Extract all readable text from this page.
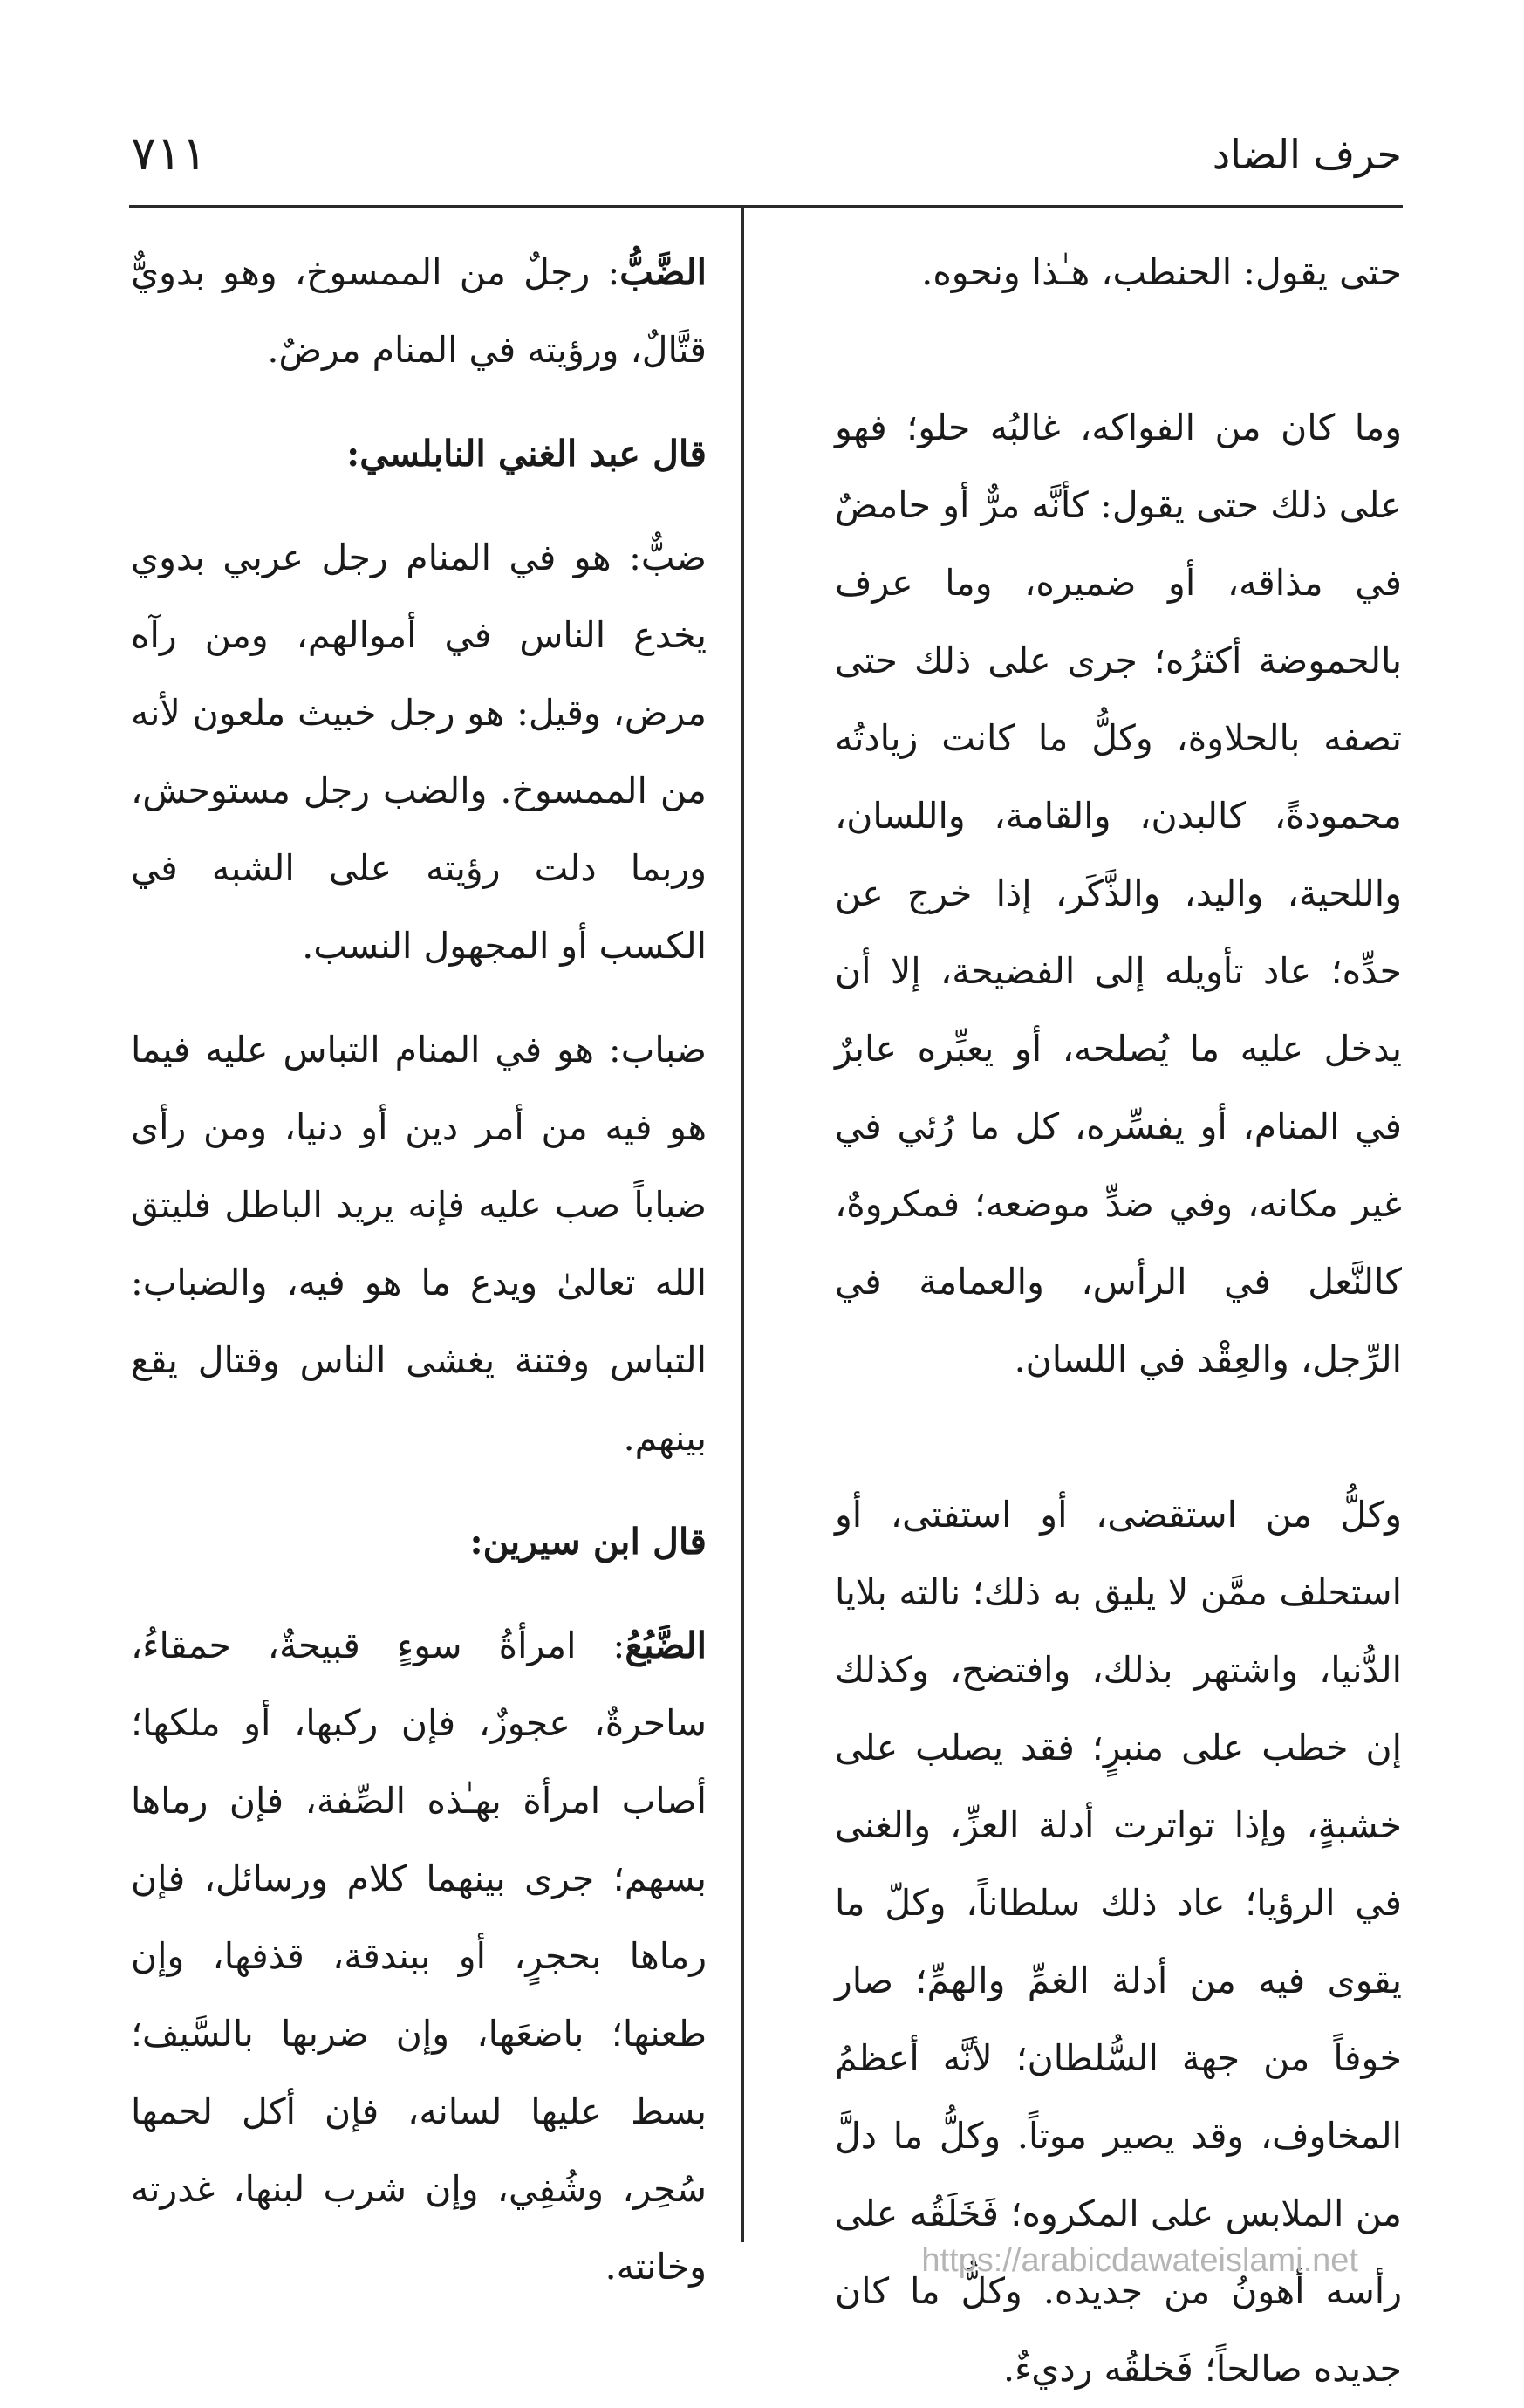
حرف الضاد
٧١١

حتى يقول: الحنطب، هـٰذا ونحوه.

وما كان من الفواكه، غالبُه حلو؛ فهو على ذلك حتى يقول: كأنَّه مرٌّ أو حامضٌ في مذاقه، أو ضميره، وما عرف بالحموضة أكثرُه؛ جرى على ذلك حتى تصفه بالحلاوة، وكلُّ ما كانت زيادتُه محمودةً، كالبدن، والقامة، واللسان، واللحية، واليد، والذَّكَر، إذا خرج عن حدِّه؛ عاد تأويله إلى الفضيحة، إلا أن يدخل عليه ما يُصلحه، أو يعبِّره عابرٌ في المنام، أو يفسِّره، كل ما رُئي في غير مكانه، وفي ضدِّ موضعه؛ فمكروهٌ، كالنَّعل في الرأس، والعمامة في الرِّجل، والعِقْد في اللسان.

وكلُّ من استقضى، أو استفتى، أو استحلف ممَّن لا يليق به ذلك؛ نالته بلايا الدُّنيا، واشتهر بذلك، وافتضح، وكذلك إن خطب على منبرٍ؛ فقد يصلب على خشبةٍ، وإذا تواترت أدلة العزِّ، والغنى في الرؤيا؛ عاد ذلك سلطاناً، وكلّ ما يقوى فيه من أدلة الغمِّ والهمِّ؛ صار خوفاً من جهة السُّلطان؛ لأنَّه أعظمُ المخاوف، وقد يصير موتاً. وكلُّ ما دلَّ من الملابس على المكروه؛ فَخَلَقُه على رأسه أهونُ من جديده. وكلُّ ما كان جديده صالحاً؛ فَخلقُه رديءٌ.

الضَّبُّ: رجلٌ من الممسوخ، وهو بدويٌّ قتَّالٌ، ورؤيته في المنام مرضٌ.

قال عبد الغني النابلسي:

ضبٌّ: هو في المنام رجل عربي بدوي يخدع الناس في أموالهم، ومن رآه مرض، وقيل: هو رجل خبيث ملعون لأنه من الممسوخ. والضب رجل مستوحش، وربما دلت رؤيته على الشبه في الكسب أو المجهول النسب.

ضباب: هو في المنام التباس عليه فيما هو فيه من أمر دين أو دنيا، ومن رأى ضباباً صب عليه فإنه يريد الباطل فليتق الله تعالىٰ ويدع ما هو فيه، والضباب: التباس وفتنة يغشى الناس وقتال يقع بينهم.

قال ابن سيرين:

الضَّبُعُ: امرأةُ سوءٍ قبيحةٌ، حمقاءُ، ساحرةٌ، عجوزٌ، فإن ركبها، أو ملكها؛ أصاب امرأة بهـٰذه الصِّفة، فإن رماها بسهم؛ جرى بينهما كلام ورسائل، فإن رماها بحجرٍ، أو ببندقة، قذفها، وإن طعنها؛ باضعَها، وإن ضربها بالسَّيف؛ بسط عليها لسانه، فإن أكل لحمها سُحِر، وشُفِي، وإن شرب لبنها، غدرته وخانته.	https://arabicdawateislami.net
